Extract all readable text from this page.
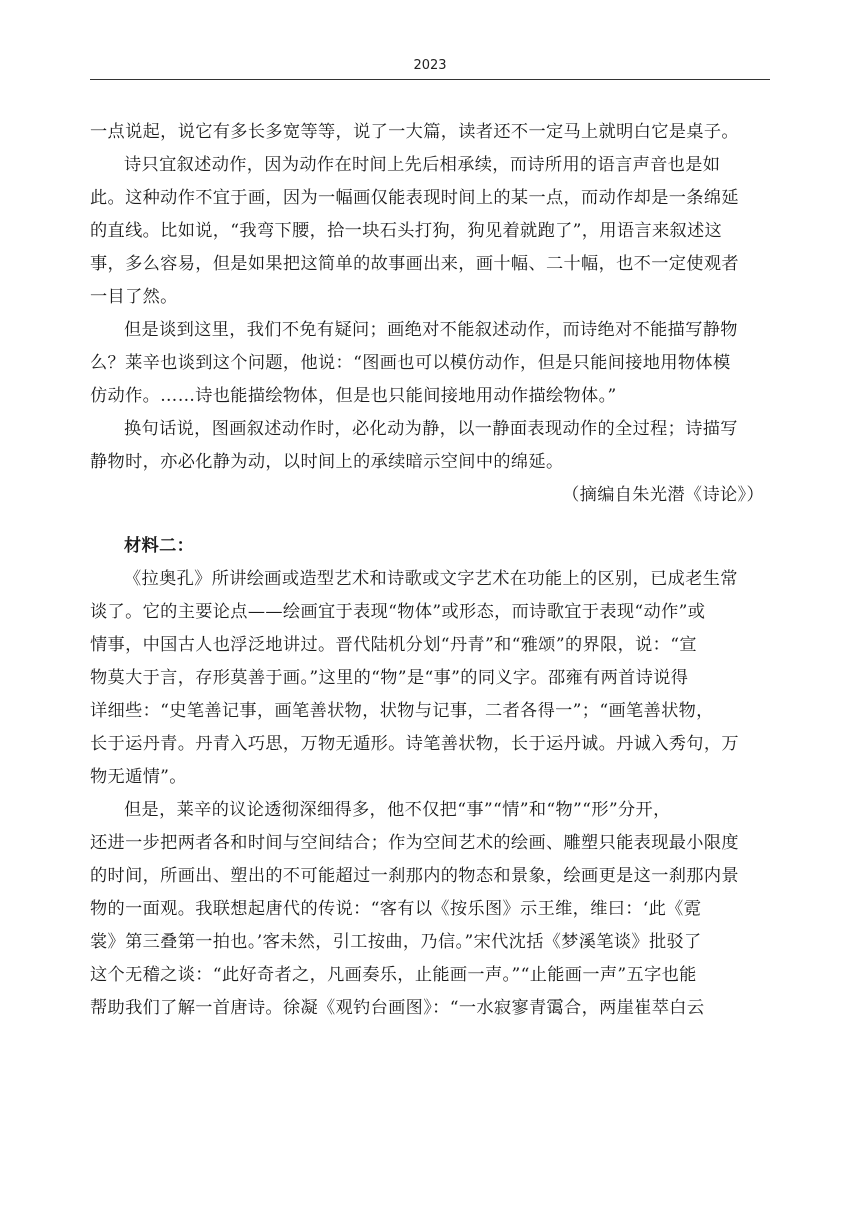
2023
一点说起，说它有多长多宽等等，说了一大篇，读者还不一定马上就明白它是桌子。
诗只宜叙述动作，因为动作在时间上先后相承续，而诗所用的语言声音也是如
此。这种动作不宜于画，因为一幅画仅能表现时间上的某一点，而动作却是一条绵延
的直线。比如说，“我弯下腰，拾一块石头打狗，狗见着就跑了”，用语言来叙述这
事，多么容易，但是如果把这简单的故事画出来，画十幅、二十幅，也不一定使观者
一目了然。
但是谈到这里，我们不免有疑问；画绝对不能叙述动作，而诗绝对不能描写静物
么？莱辛也谈到这个问题，他说：“图画也可以模仿动作，但是只能间接地用物体模
仿动作。……诗也能描绘物体，但是也只能间接地用动作描绘物体。”
换句话说，图画叙述动作时，必化动为静，以一静面表现动作的全过程；诗描写
静物时，亦必化静为动，以时间上的承续暗示空间中的绵延。
（摘编自朱光潜《诗论》）
材料二：
《拉奥孔》所讲绘画或造型艺术和诗歌或文字艺术在功能上的区别，已成老生常
谈了。它的主要论点——绘画宜于表现“物体”或形态，而诗歌宜于表现“动作”或
情事，中国古人也浮泛地讲过。晋代陆机分划“丹青”和“雅颂”的界限，说：“宣
物莫大于言，存形莫善于画。”这里的“物”是“事”的同义字。邵雍有两首诗说得
详细些：“史笔善记事，画笔善状物，状物与记事，二者各得一”；“画笔善状物，
长于运丹青。丹青入巧思，万物无遁形。诗笔善状物，长于运丹诚。丹诚入秀句，万
物无遁情”。
但是，莱辛的议论透彻深细得多，他不仅把“事”“情”和“物”“形”分开，
还进一步把两者各和时间与空间结合；作为空间艺术的绘画、雕塑只能表现最小限度
的时间，所画出、塑出的不可能超过一刹那内的物态和景象，绘画更是这一刹那内景
物的一面观。我联想起唐代的传说：“客有以《按乐图》示王维，维曰：‘此《霓
裳》第三叠第一拍也。’客未然，引工按曲，乃信。”宋代沈括《梦溪笔谈》批驳了
这个无稽之谈：“此好奇者之，凡画奏乐，止能画一声。”“止能画一声”五字也能
帮助我们了解一首唐诗。徐凝《观钓台画图》：“一水寂寥青霭合，两崖崔萃白云
